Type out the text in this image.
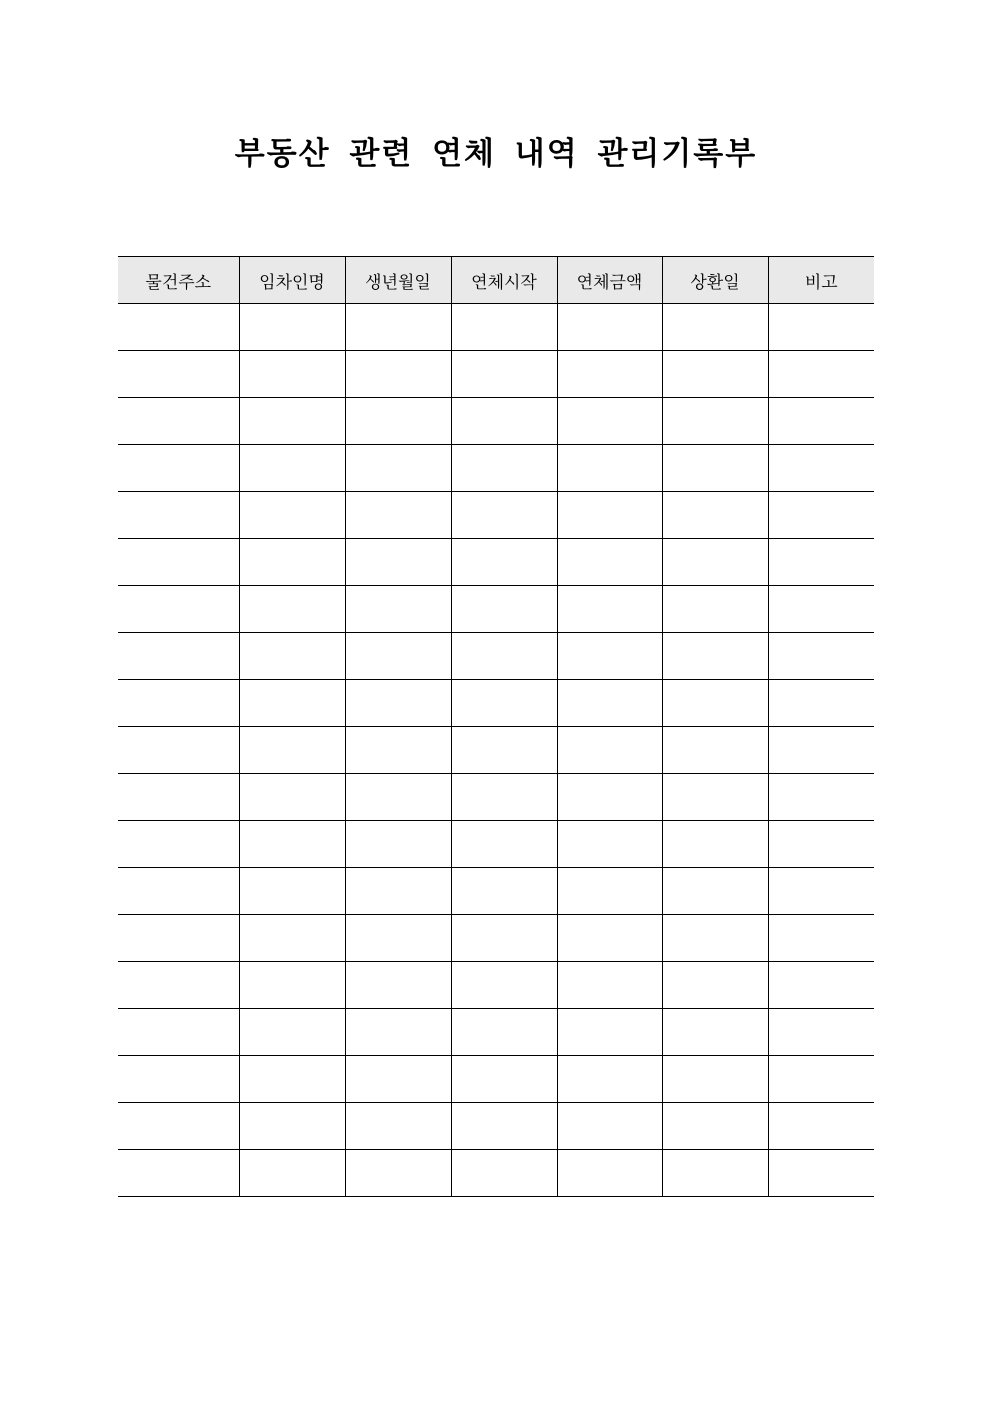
부동산 관련 연체 내역 관리기록부
물건주소	임차인명	생년월일	연체시작	연체금액	상환일	비고
